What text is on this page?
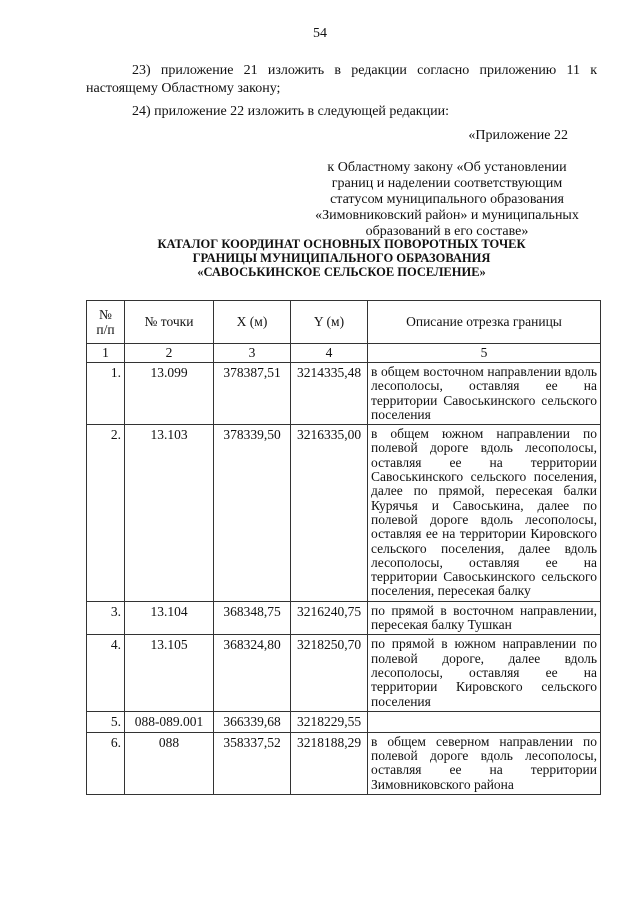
54
23) приложение 21 изложить в редакции согласно приложению 11 к настоящему Областному закону;
24) приложение 22 изложить в следующей редакции:
«Приложение 22
к Областному закону «Об установлении
границ и наделении соответствующим
статусом муниципального образования
«Зимовниковский район» и муниципальных
образований в его составе»
КАТАЛОГ КООРДИНАТ ОСНОВНЫХ ПОВОРОТНЫХ ТОЧЕК
ГРАНИЦЫ МУНИЦИПАЛЬНОГО ОБРАЗОВАНИЯ
«САВОСЬКИНСКОЕ СЕЛЬСКОЕ ПОСЕЛЕНИЕ»
№
п/п	№ точки	X (м)	Y (м)	Описание отрезка границы
1	2	3	4	5
1.	13.099	378387,51	3214335,48	в общем восточном направлении вдоль лесополосы, оставляя ее на территории Савоськинского сельского поселения
2.	13.103	378339,50	3216335,00	в общем южном направлении по полевой дороге вдоль лесополосы, оставляя ее на территории Савоськинского сельского поселения, далее по прямой, пересекая балки Курячья и Савоськина, далее по полевой дороге вдоль лесополосы, оставляя ее на территории Кировского сельского поселения, далее вдоль лесополосы, оставляя ее на территории Савоськинского сельского поселения, пересекая балку
3.	13.104	368348,75	3216240,75	по прямой в восточном направлении, пересекая балку Тушкан
4.	13.105	368324,80	3218250,70	по прямой в южном направлении по полевой дороге, далее вдоль лесополосы, оставляя ее на территории Кировского сельского поселения
5.	088-089.001	366339,68	3218229,55	
6.	088	358337,52	3218188,29	в общем северном направлении по полевой дороге вдоль лесополосы, оставляя ее на территории Зимовниковского района
